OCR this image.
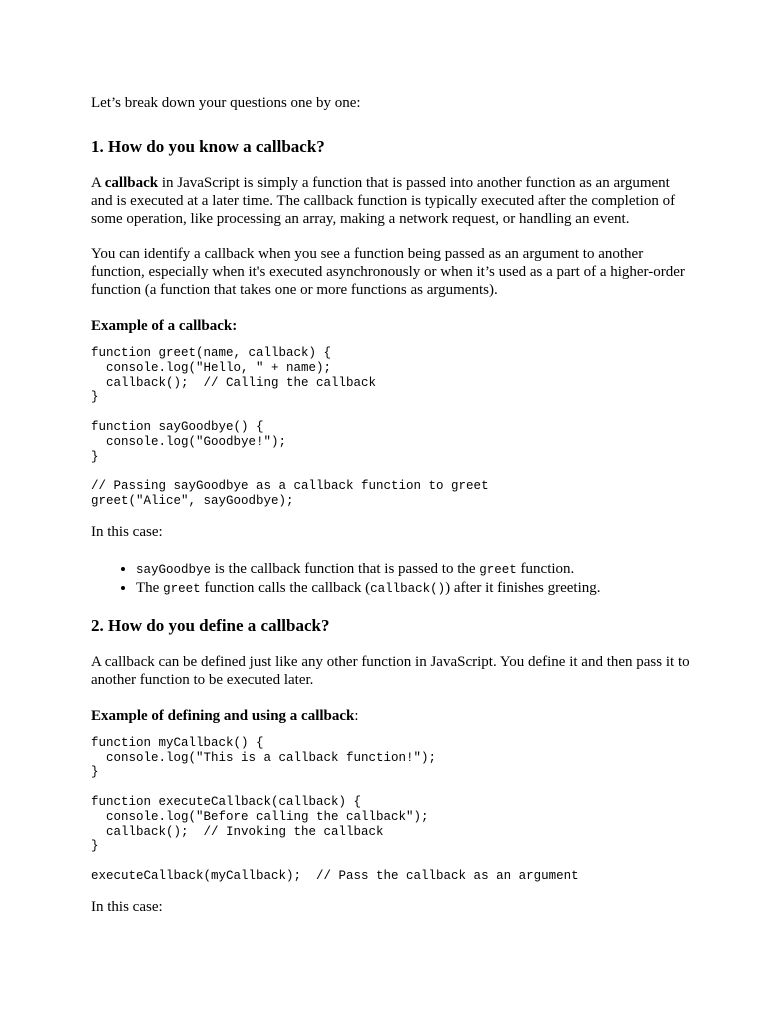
Let’s break down your questions one by one:

1. How do you know a callback?

A callback in JavaScript is simply a function that is passed into another function as an argument and is executed at a later time. The callback function is typically executed after the completion of some operation, like processing an array, making a network request, or handling an event.

You can identify a callback when you see a function being passed as an argument to another function, especially when it's executed asynchronously or when it’s used as a part of a higher-order function (a function that takes one or more functions as arguments).

Example of a callback:

function greet(name, callback) {
console.log("Hello, " + name);
callback();  // Calling the callback
}

function sayGoodbye() {
console.log("Goodbye!");
}

// Passing sayGoodbye as a callback function to greet
greet("Alice", sayGoodbye);

In this case:

• sayGoodbye is the callback function that is passed to the greet function.
• The greet function calls the callback (callback()) after it finishes greeting.
2. How do you define a callback?

A callback can be defined just like any other function in JavaScript. You define it and then pass it to another function to be executed later.

Example of defining and using a callback:

function myCallback() {
console.log("This is a callback function!");
}

function executeCallback(callback) {
console.log("Before calling the callback");
callback();  // Invoking the callback
}

executeCallback(myCallback);  // Pass the callback as an argument

In this case:
